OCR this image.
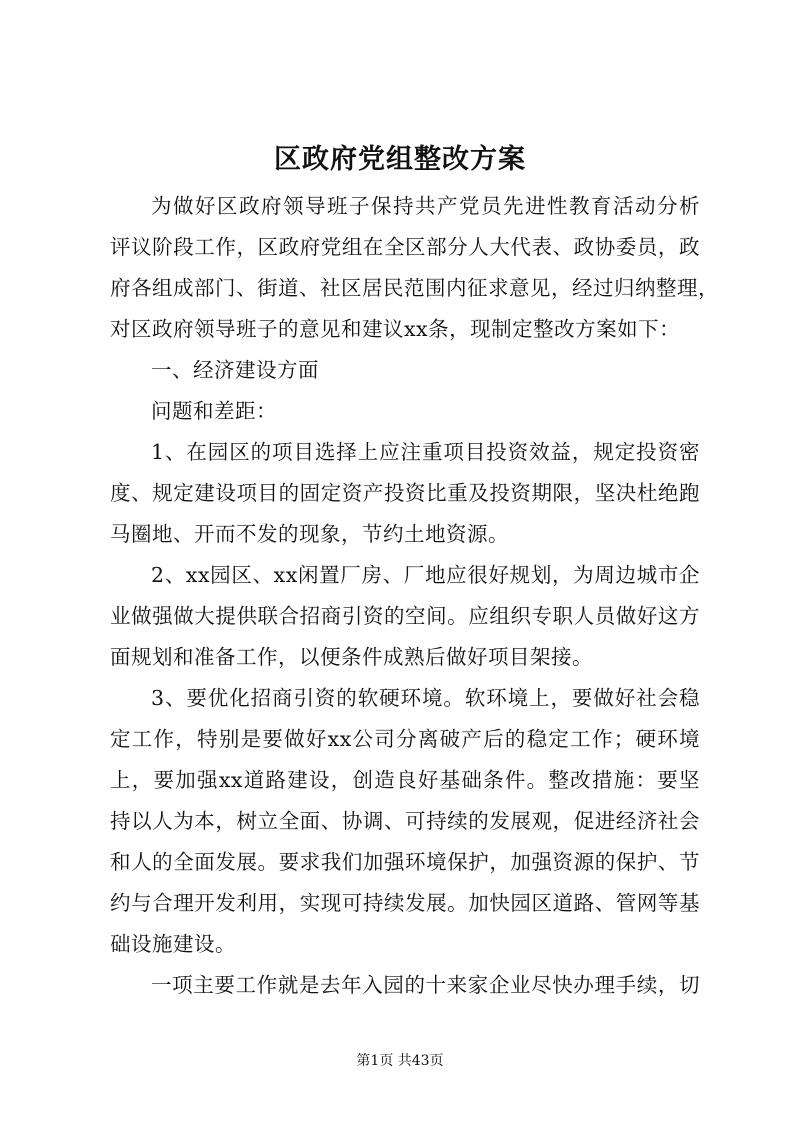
区政府党组整改方案
为做好区政府领导班子保持共产党员先进性教育活动分析
评议阶段工作，区政府党组在全区部分人大代表、政协委员，政
府各组成部门、街道、社区居民范围内征求意见，经过归纳整理，
对区政府领导班子的意见和建议xx条，现制定整改方案如下：
一、经济建设方面
问题和差距：
1、在园区的项目选择上应注重项目投资效益，规定投资密
度、规定建设项目的固定资产投资比重及投资期限，坚决杜绝跑
马圈地、开而不发的现象，节约土地资源。
2、xx园区、xx闲置厂房、厂地应很好规划，为周边城市企
业做强做大提供联合招商引资的空间。应组织专职人员做好这方
面规划和准备工作，以便条件成熟后做好项目架接。
3、要优化招商引资的软硬环境。软环境上，要做好社会稳
定工作，特别是要做好xx公司分离破产后的稳定工作；硬环境
上，要加强xx道路建设，创造良好基础条件。整改措施：要坚
持以人为本，树立全面、协调、可持续的发展观，促进经济社会
和人的全面发展。要求我们加强环境保护，加强资源的保护、节
约与合理开发利用，实现可持续发展。加快园区道路、管网等基
础设施建设。
一项主要工作就是去年入园的十来家企业尽快办理手续，切
第1页 共43页
